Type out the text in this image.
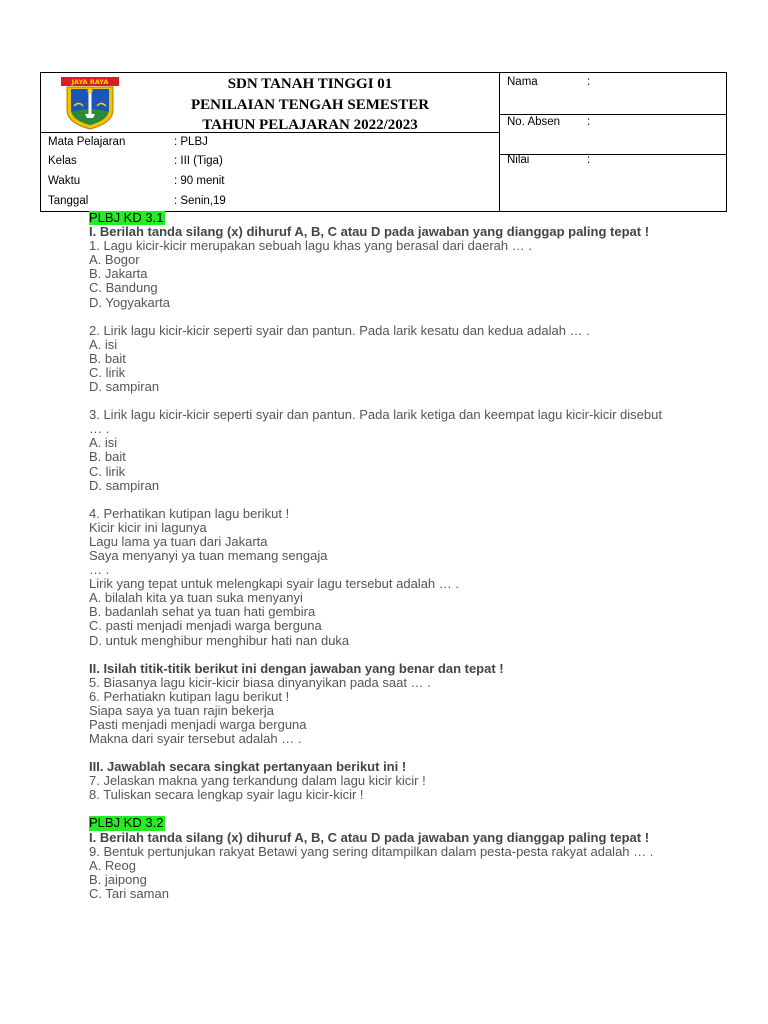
JAYA RAYA	SDN TANAH TINGGI 01
PENILAIAN TENGAH SEMESTER
TAHUN PELAJARAN 2022/2023
Mata Pelajaran	: PLBJ
Kelas	: III (Tiga)
Waktu	: 90 menit
Tanggal	: Senin,19
Nama	:
No. Absen :
Nilai	:
PLBJ KD 3.1
I. Berilah tanda silang (x) dihuruf A, B, C atau D pada jawaban yang dianggap paling tepat !
1. Lagu kicir-kicir merupakan sebuah lagu khas yang berasal dari daerah … .
A. Bogor
B. Jakarta
C. Bandung
D. Yogyakarta
2. Lirik lagu kicir-kicir seperti syair dan pantun. Pada larik kesatu dan kedua adalah … .
A. isi
B. bait
C. lirik
D. sampiran
3. Lirik lagu kicir-kicir seperti syair dan pantun. Pada larik ketiga dan keempat lagu kicir-kicir disebut … .
A. isi
B. bait
C. lirik
D. sampiran
4. Perhatikan kutipan lagu berikut !
Kicir kicir ini lagunya
Lagu lama ya tuan dari Jakarta
Saya menyanyi ya tuan memang sengaja
… .
Lirik yang tepat untuk melengkapi syair lagu tersebut adalah … .
A. bilalah kita ya tuan suka menyanyi
B. badanlah sehat ya tuan hati gembira
C. pasti menjadi menjadi warga berguna
D. untuk menghibur menghibur hati nan duka
II. Isilah titik-titik berikut ini dengan jawaban yang benar dan tepat !
5. Biasanya lagu kicir-kicir biasa dinyanyikan pada saat … .
6. Perhatiakn kutipan lagu berikut !
Siapa saya ya tuan rajin bekerja
Pasti menjadi menjadi warga berguna
Makna dari syair tersebut adalah … .
III. Jawablah secara singkat pertanyaan berikut ini !
7. Jelaskan makna yang terkandung dalam lagu kicir kicir !
8. Tuliskan secara lengkap syair lagu kicir-kicir !
PLBJ KD 3.2
I. Berilah tanda silang (x) dihuruf A, B, C atau D pada jawaban yang dianggap paling tepat !
9. Bentuk pertunjukan rakyat Betawi yang sering ditampilkan dalam pesta-pesta rakyat adalah … .
A. Reog
B. jaipong
C. Tari saman
